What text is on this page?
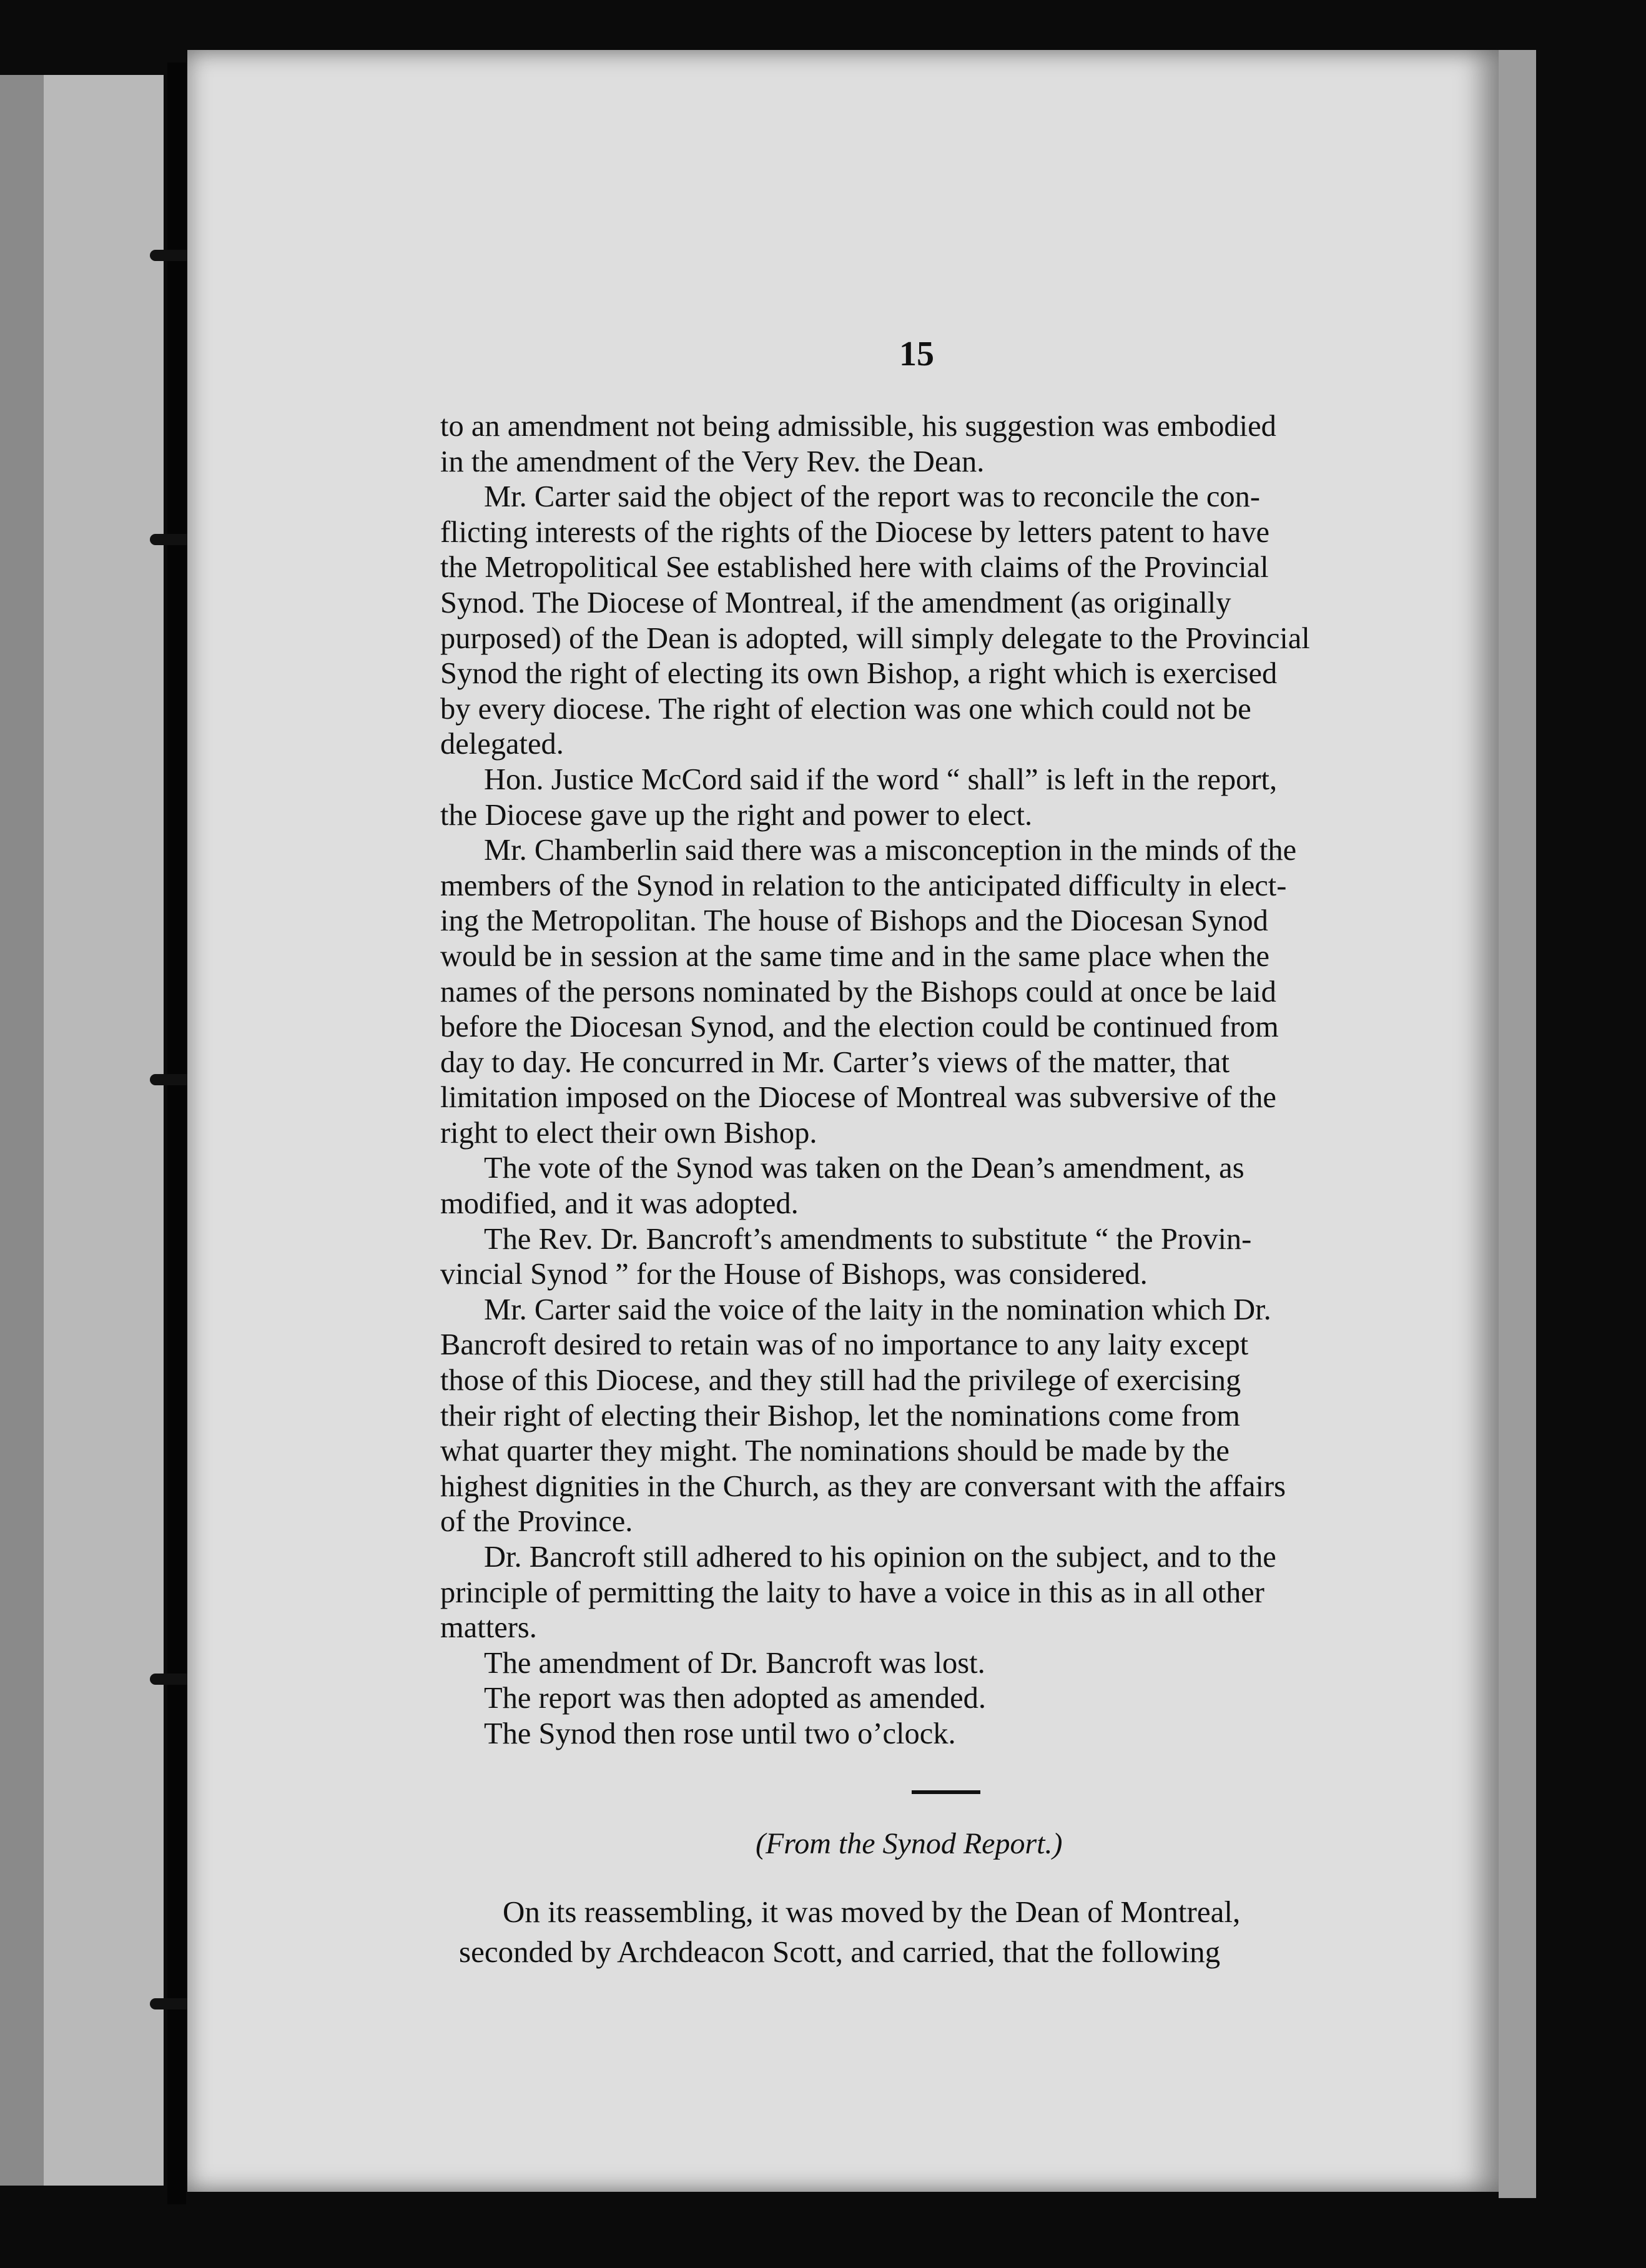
15
to an amendment not being admissible, his suggestion was embodied
in the amendment of the Very Rev. the Dean.
Mr. Carter said the object of the report was to reconcile the con-
flicting interests of the rights of the Diocese by letters patent to have
the Metropolitical See established here with claims of the Provincial
Synod. The Diocese of Montreal, if the amendment (as originally
purposed) of the Dean is adopted, will simply delegate to the Provincial
Synod the right of electing its own Bishop, a right which is exercised
by every diocese. The right of election was one which could not be
delegated.
Hon. Justice McCord said if the word “ shall” is left in the report,
the Diocese gave up the right and power to elect.
Mr. Chamberlin said there was a misconception in the minds of the
members of the Synod in relation to the anticipated difficulty in elect-
ing the Metropolitan. The house of Bishops and the Diocesan Synod
would be in session at the same time and in the same place when the
names of the persons nominated by the Bishops could at once be laid
before the Diocesan Synod, and the election could be continued from
day to day. He concurred in Mr. Carter’s views of the matter, that
limitation imposed on the Diocese of Montreal was subversive of the
right to elect their own Bishop.
The vote of the Synod was taken on the Dean’s amendment, as
modified, and it was adopted.
The Rev. Dr. Bancroft’s amendments to substitute “ the Provin-
vincial Synod ” for the House of Bishops, was considered.
Mr. Carter said the voice of the laity in the nomination which Dr.
Bancroft desired to retain was of no importance to any laity except
those of this Diocese, and they still had the privilege of exercising
their right of electing their Bishop, let the nominations come from
what quarter they might. The nominations should be made by the
highest dignities in the Church, as they are conversant with the affairs
of the Province.
Dr. Bancroft still adhered to his opinion on the subject, and to the
principle of permitting the laity to have a voice in this as in all other
matters.
The amendment of Dr. Bancroft was lost.
The report was then adopted as amended.
The Synod then rose until two o’clock.
(From the Synod Report.)
On its reassembling, it was moved by the Dean of Montreal,
seconded by Archdeacon Scott, and carried, that the following
